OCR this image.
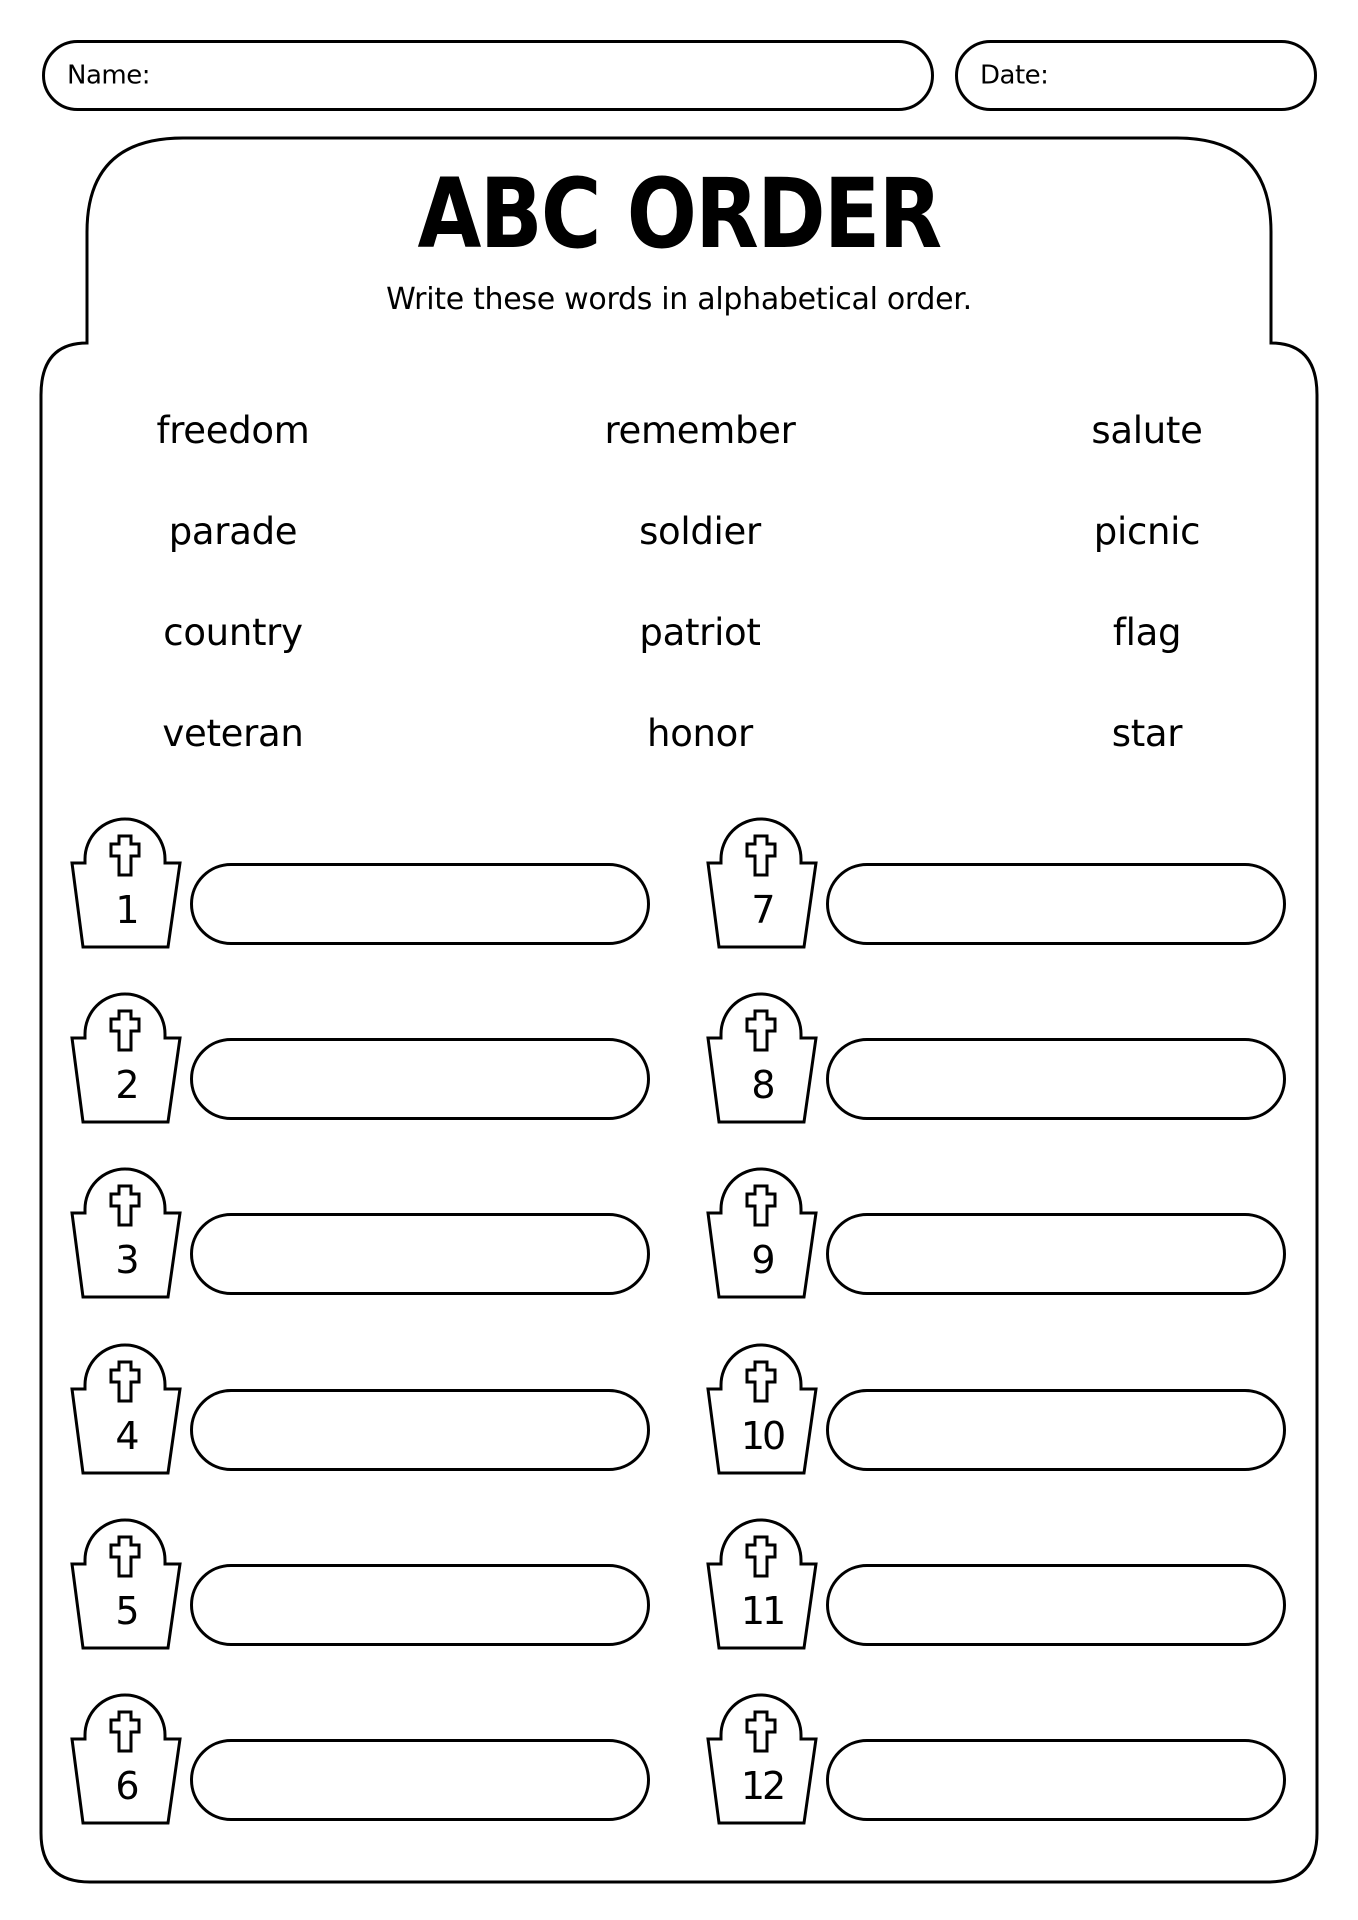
Name:	Date:
ABC ORDER
Write these words in alphabetical order.
freedom	remember	salute
parade	soldier	picnic
country	patriot	flag
veteran	honor	star
1
2
3
4
5
6
7
8
9
10
11
12
